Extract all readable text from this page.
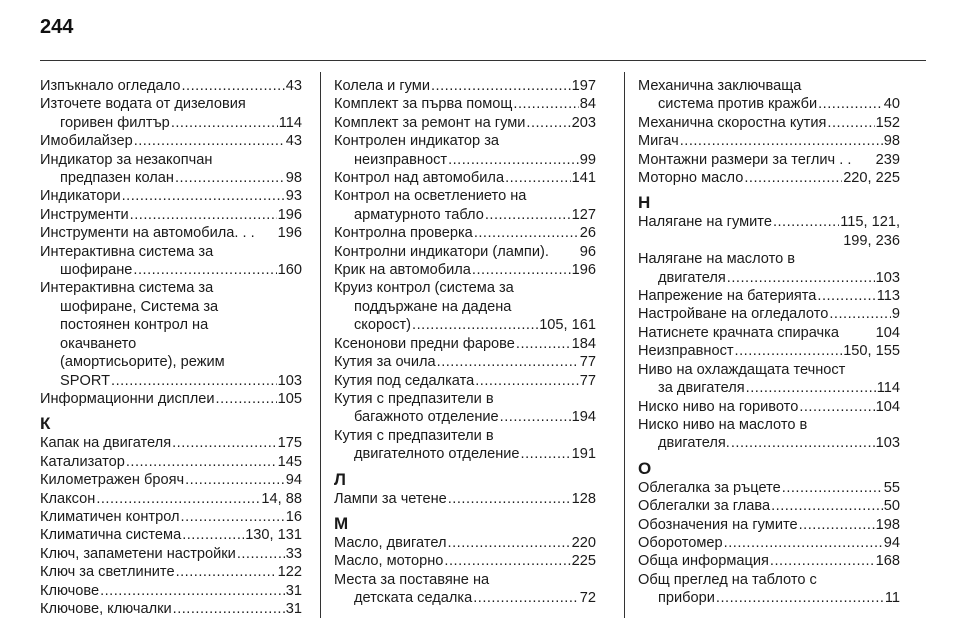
244
Изпъкнало огледало .....	43
Източете водата от дизеловия
горивен филтър .....	114
Имобилайзер .....	43
Индикатор за незакопчан
предпазен колан .....	98
Индикатори .....	93
Инструменти .....	196
Инструменти на автомобила. . . 196
Интерактивна система за
шофиране .....	160
Интерактивна система за
шофиране, Система за
постоянен контрол на
окачването
(амортисьорите), режим
SPORT .....	103
Информационни дисплеи .....	105
К
Капак на двигателя .....	175
Катализатор .....	145
Километражен брояч .....	94
Клаксон .....	14, 88
Климатичен контрол .....	16
Климатична система .....	130, 131
Ключ, запаметени настройки .....	33
Ключ за светлините .....	122
Ключове .....	31
Ключове, ключалки .....	31
Колела и гуми .....	197
Комплект за първа помощ .....	84
Комплект за ремонт на гуми .....	203
Контролен индикатор за
неизправност .....	99
Контрол над автомобила .....	141
Контрол на осветлението на
арматурното табло .....	127
Контролна проверка .....	26
Контролни индикатори (лампи). 96
Крик на автомобила .....	196
Круиз контрол (система за
поддържане на дадена
скорост) .....	105, 161
Ксенонови предни фарове .....	184
Кутия за очила .....	77
Кутия под седалката .....	77
Кутия с предпазители в
багажното отделение .....	194
Кутия с предпазители в
двигателното отделение .....	191
Л
Лампи за четене .....	128
М
Масло, двигател .....	220
Масло, моторно .....	225
Места за поставяне на
детската седалка .....	72
Механична заключваща
система против кражби .....	40
Механична скоростна кутия .....	152
Мигач .....	98
Монтажни размери за теглич . . 239
Моторно масло .....	220, 225
Н
Налягане на гумите .....	115, 121,
199, 236
Налягане на маслото в
двигателя .....	103
Напрежение на батерията .....	113
Настройване на огледалото .....	9
Натиснете крачната спирачка	104
Неизправност .....	150, 155
Ниво на охлаждащата течност
за двигателя .....	114
Ниско ниво на горивото .....	104
Ниско ниво на маслото в
двигателя. .....	103
О
Облегалка за ръцете .....	55
Облегалки за глава .....	50
Обозначения на гумите .....	198
Оборотомер .....	94
Обща информация .....	168
Общ преглед на таблото с
прибори .....	11
